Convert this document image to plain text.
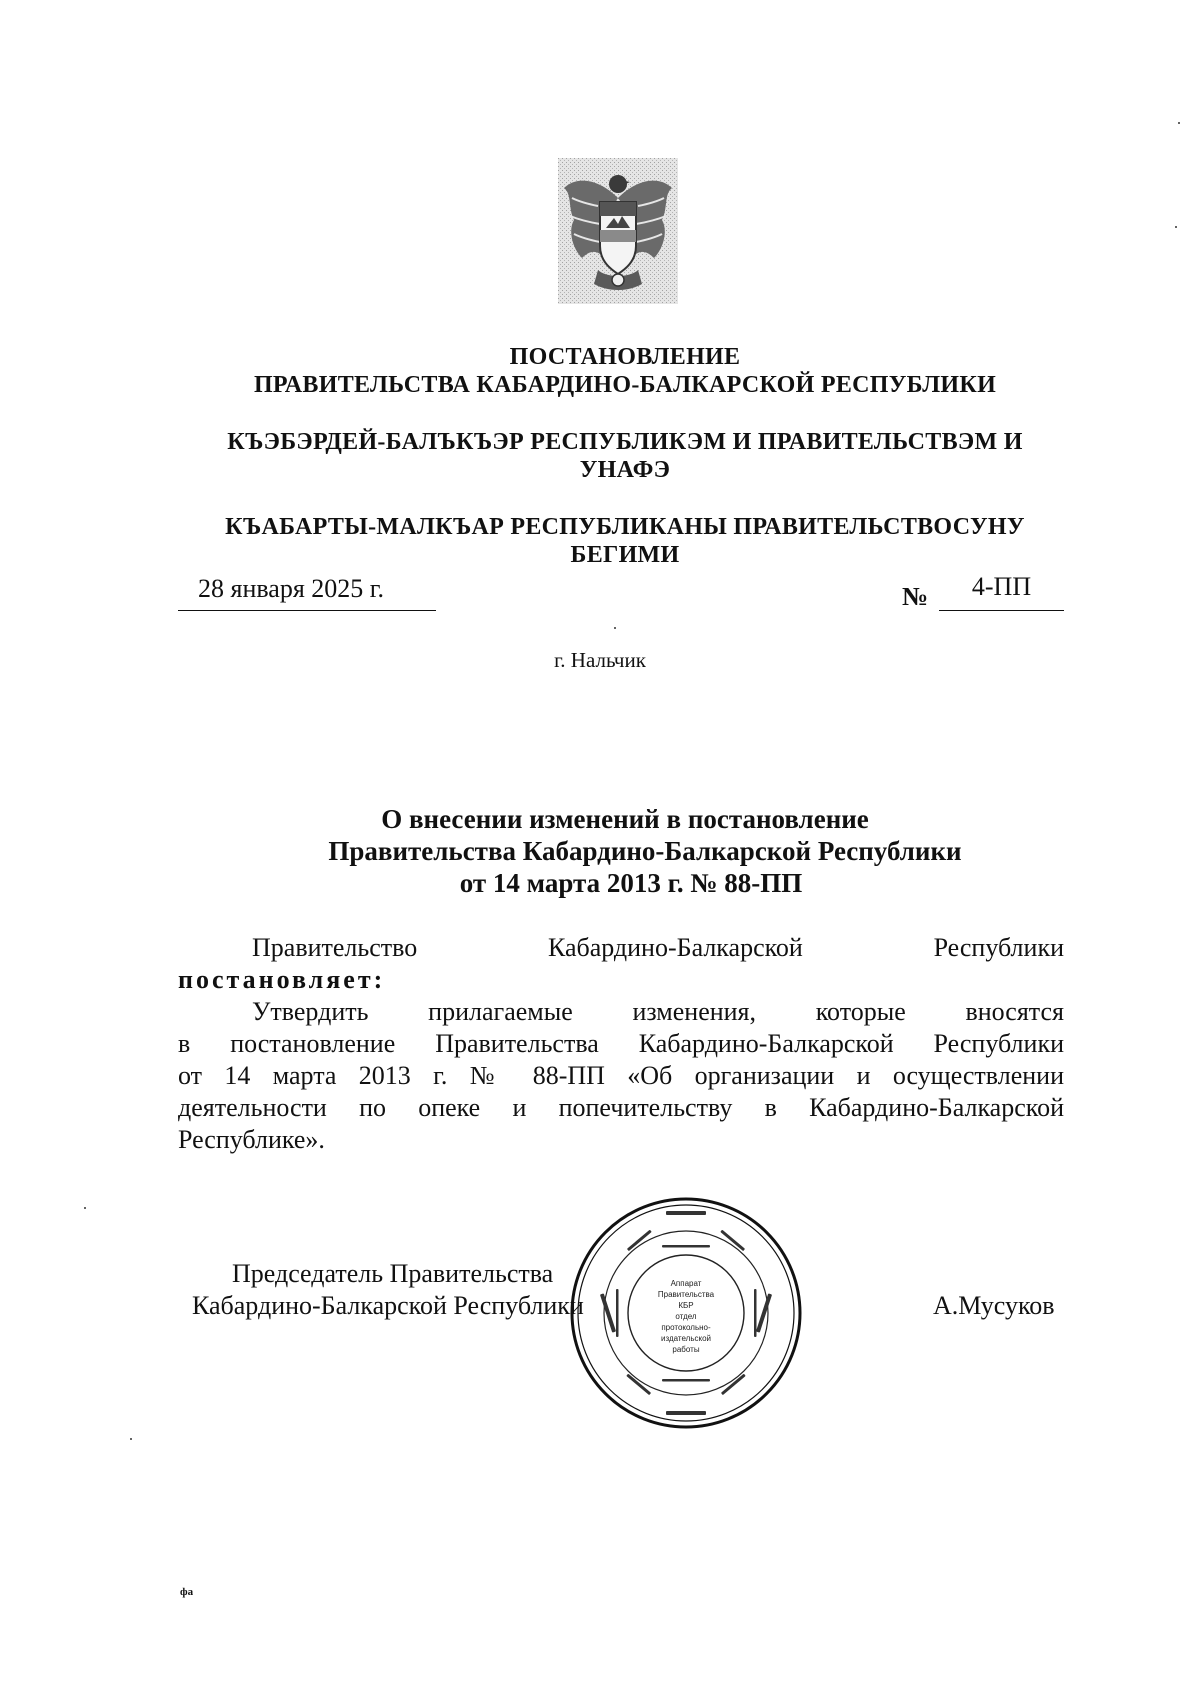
ПОСТАНОВЛЕНИЕ
ПРАВИТЕЛЬСТВА КАБАРДИНО-БАЛКАРСКОЙ РЕСПУБЛИКИ
КЪЭБЭРДЕЙ-БАЛЪКЪЭР РЕСПУБЛИКЭМ И ПРАВИТЕЛЬСТВЭМ И
УНАФЭ
КЪАБАРТЫ-МАЛКЪАР РЕСПУБЛИКАНЫ ПРАВИТЕЛЬСТВОСУНУ
БЕГИМИ
28 января 2025 г.	№	4-ПП
г. Нальчик
О внесении изменений в постановление
Правительства Кабардино-Балкарской Республики
от 14 марта 2013 г. № 88-ПП
Правительство	Кабардино-Балкарской	Республики
постановляет:
Утвердить прилагаемые изменения, которые вносятся
в постановление Правительства Кабардино-Балкарской Республики
от 14 марта 2013 г. № 88-ПП «Об организации и осуществлении
деятельности по опеке и попечительству в Кабардино-Балкарской
Республике».
Председатель Правительства
Кабардино-Балкарской Республики	А.Мусуков
Аппарат
Правительства КБР
отдел протокольно-
издательской
работы
фа
